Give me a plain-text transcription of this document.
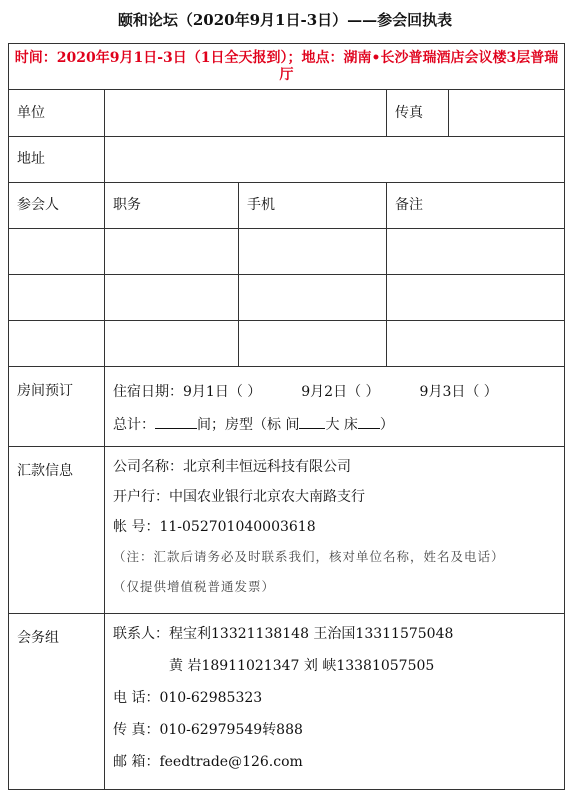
颐和论坛（2020年9月1日-3日）——参会回执表
时间：2020年9月1日-3日（1日全天报到）；地点：湖南•长沙普瑞酒店会议楼3层普瑞厅				
单位			传真	
地址				
参会人	职务	手机	备注	

房间预订	住宿日期：9月1日（ ） 9月2日（ ） 9月3日（ ）
总计： 间；房型（标 间 大 床 ）			

汇款信息	公司名称：北京利丰恒远科技有限公司
开户行：中国农业银行北京农大南路支行
帐 号：11-052701040003618
（注：汇款后请务必及时联系我们，核对单位名称，姓名及电话）
（仅提供增值税普通发票）			

会务组	联系人：程宝利13321138148 王治国13311575048
黄 岩18911021347 刘 峡13381057505
电 话：010-62985323
传 真：010-62979549转888
邮 箱：feedtrade@126.com			
